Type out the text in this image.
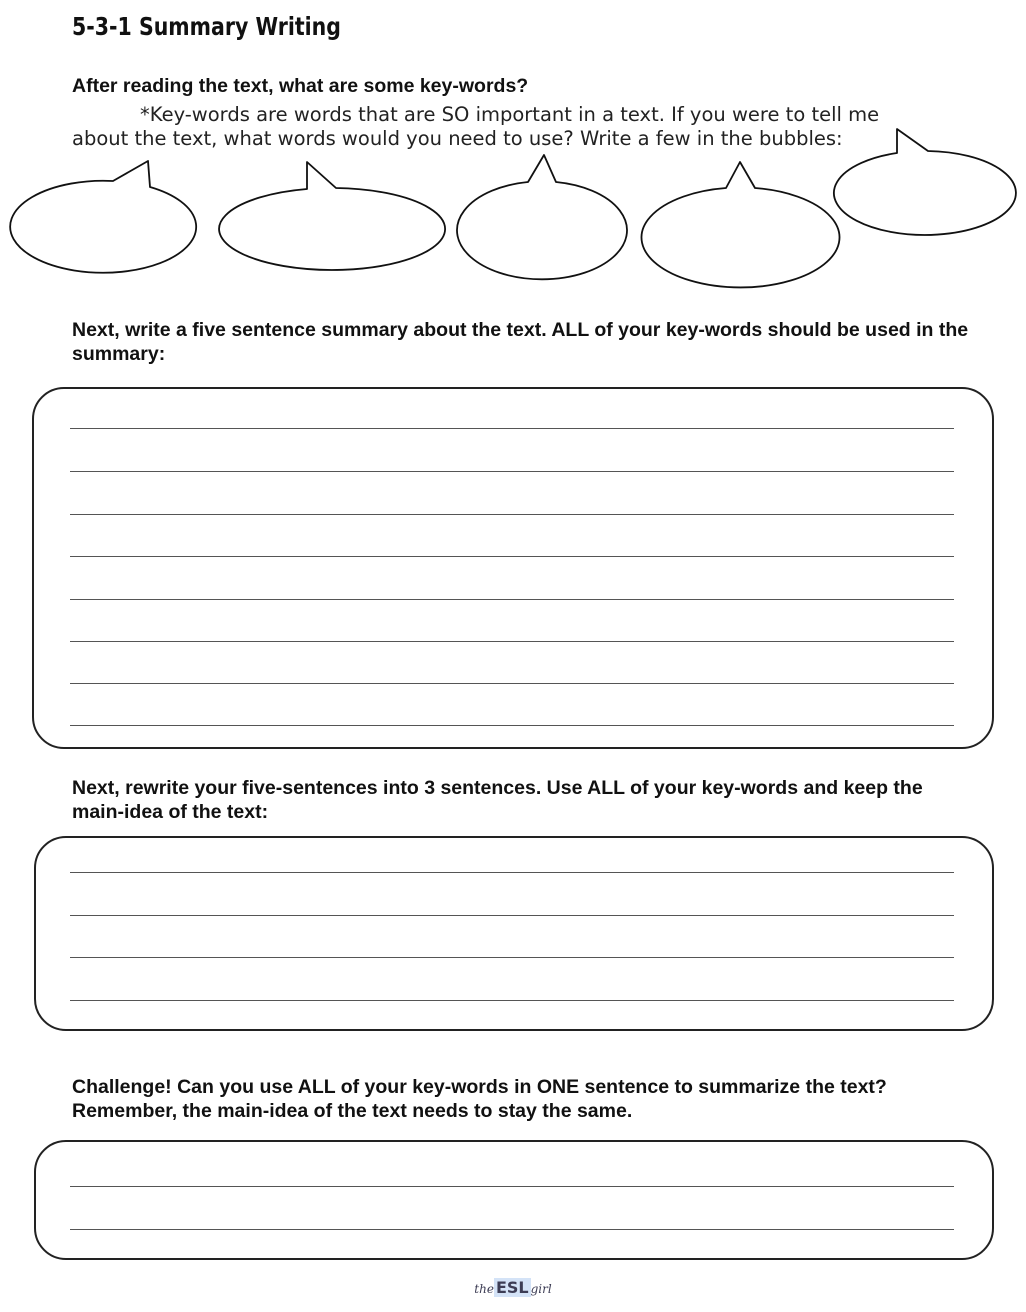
5-3-1 Summary Writing
After reading the text, what are some key-words?
*Key-words are words that are SO important in a text. If you were to tell me
about the text, what words would you need to use? Write a few in the bubbles:
Next, write a five sentence summary about the text. ALL of your key-words should be used in the summary:
Next, rewrite your five-sentences into 3 sentences. Use ALL of your key-words and keep the main-idea of the text:
Challenge! Can you use ALL of your key-words in ONE sentence to summarize the text? Remember, the main-idea of the text needs to stay the same.
the ESL girl
